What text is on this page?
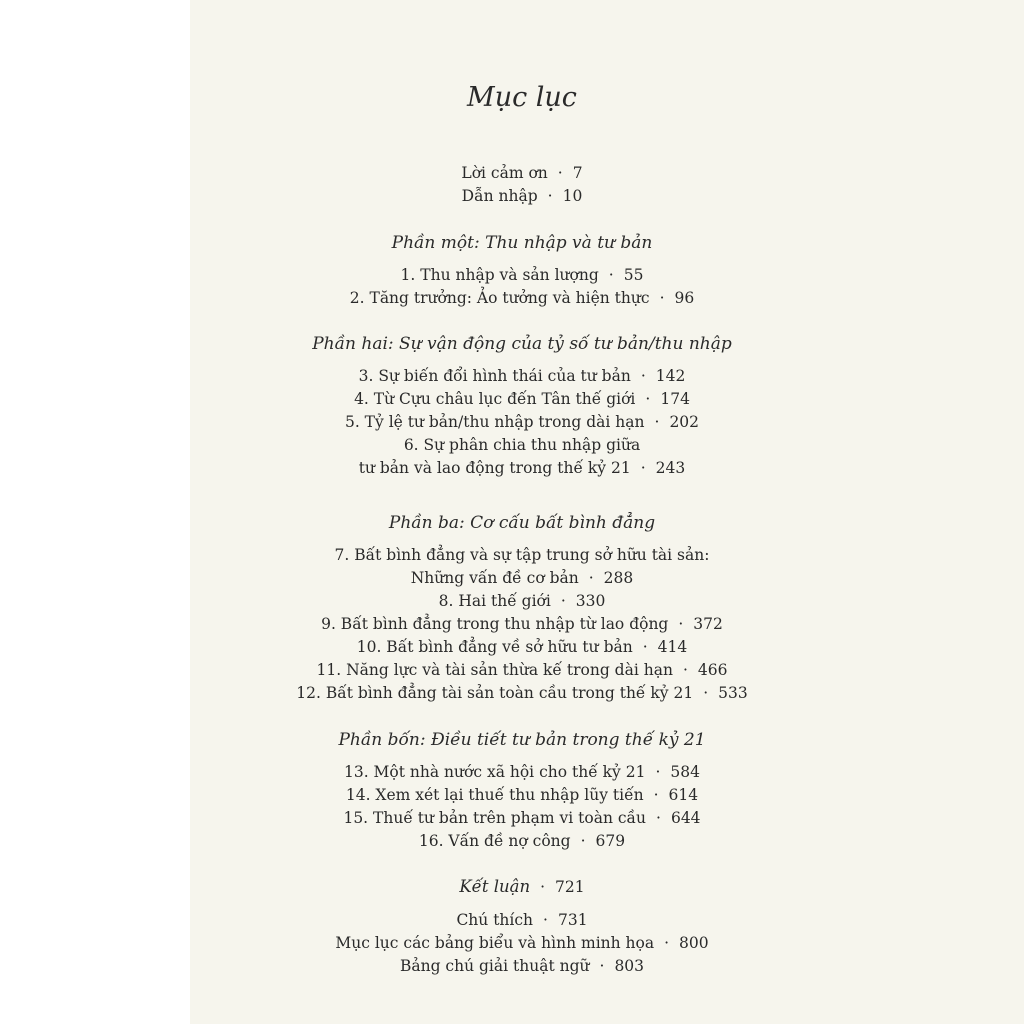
Mục lục
Lời cảm ơn · 7
Dẫn nhập · 10
Phần một: Thu nhập và tư bản
1. Thu nhập và sản lượng · 55
2. Tăng trưởng: Ảo tưởng và hiện thực · 96
Phần hai: Sự vận động của tỷ số tư bản/thu nhập
3. Sự biến đổi hình thái của tư bản · 142
4. Từ Cựu châu lục đến Tân thế giới · 174
5. Tỷ lệ tư bản/thu nhập trong dài hạn · 202
6. Sự phân chia thu nhập giữa
tư bản và lao động trong thế kỷ 21 · 243
Phần ba: Cơ cấu bất bình đẳng
7. Bất bình đẳng và sự tập trung sở hữu tài sản:
Những vấn đề cơ bản · 288
8. Hai thế giới · 330
9. Bất bình đẳng trong thu nhập từ lao động · 372
10. Bất bình đẳng về sở hữu tư bản · 414
11. Năng lực và tài sản thừa kế trong dài hạn · 466
12. Bất bình đẳng tài sản toàn cầu trong thế kỷ 21 · 533
Phần bốn: Điều tiết tư bản trong thế kỷ 21
13. Một nhà nước xã hội cho thế kỷ 21 · 584
14. Xem xét lại thuế thu nhập lũy tiến · 614
15. Thuế tư bản trên phạm vi toàn cầu · 644
16. Vấn đề nợ công · 679
Kết luận · 721
Chú thích · 731
Mục lục các bảng biểu và hình minh họa · 800
Bảng chú giải thuật ngữ · 803
